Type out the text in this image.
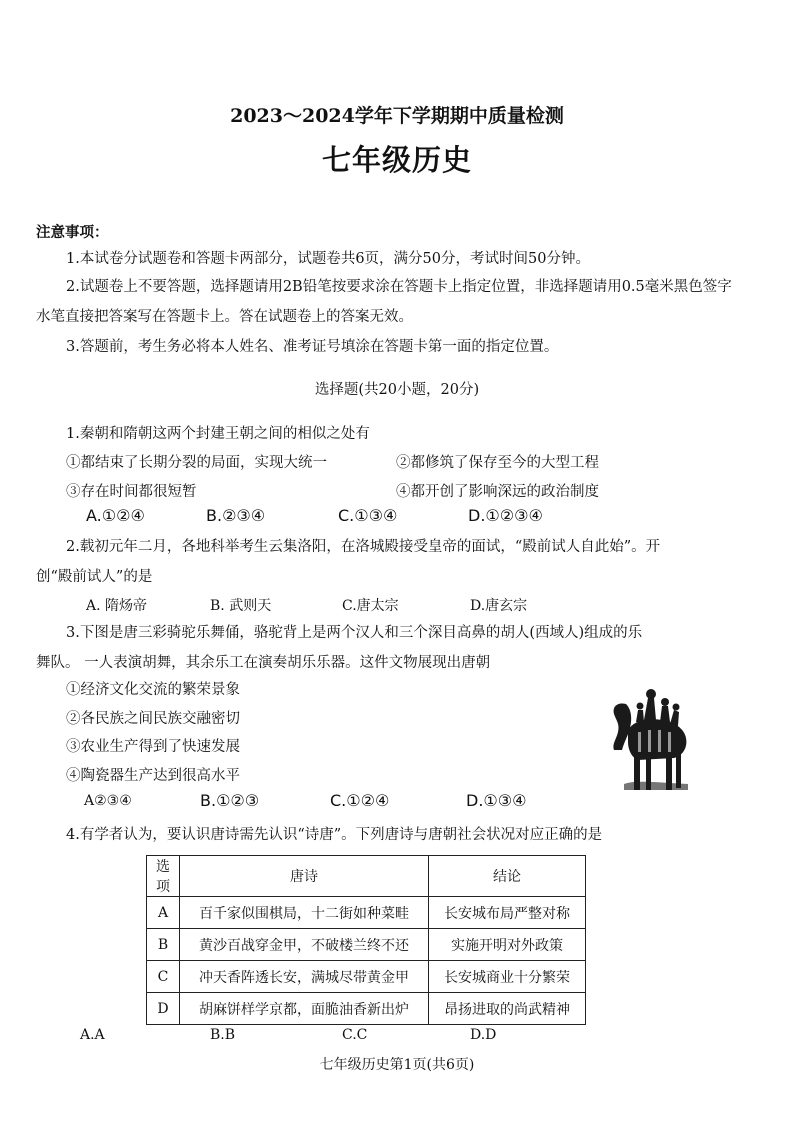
2023～2024学年下学期期中质量检测
七年级历史
注意事项：
1.本试卷分试题卷和答题卡两部分，试题卷共6页，满分50分，考试时间50分钟。
2.试题卷上不要答题，选择题请用2B铅笔按要求涂在答题卡上指定位置，非选择题请用0.5毫米黑色签字水笔直接把答案写在答题卡上。答在试题卷上的答案无效。
3.答题前，考生务必将本人姓名、准考证号填涂在答题卡第一面的指定位置。
选择题(共20小题，20分)
1.秦朝和隋朝这两个封建王朝之间的相似之处有
①都结束了长期分裂的局面，实现大统一	②都修筑了保存至今的大型工程
③存在时间都很短暂	④都开创了影响深远的政治制度
A.①②④	B.②③④	C.①③④	D.①②③④
2.载初元年二月，各地科举考生云集洛阳，在洛城殿接受皇帝的面试，“殿前试人自此始”。开
创“殿前试人”的是
A. 隋炀帝	B. 武则天	C.唐太宗	D.唐玄宗
3.下图是唐三彩骑驼乐舞俑，骆驼背上是两个汉人和三个深目高鼻的胡人(西域人)组成的乐
舞队。 一人表演胡舞，其余乐工在演奏胡乐乐器。这件文物展现出唐朝
①经济文化交流的繁荣景象
②各民族之间民族交融密切
③农业生产得到了快速发展
④陶瓷器生产达到很高水平
A②③④	B.①②③	C.①②④	D.①③④
4.有学者认为，要认识唐诗需先认识“诗唐”。下列唐诗与唐朝社会状况对应正确的是
选项	唐诗	结论
A	百千家似围棋局，十二街如种菜畦	长安城布局严整对称
B	黄沙百战穿金甲，不破楼兰终不还	实施开明对外政策
C	冲天香阵透长安，满城尽带黄金甲	长安城商业十分繁荣
D	胡麻饼样学京都，面脆油香新出炉	昂扬进取的尚武精神
A.A	B.B	C.C	D.D
七年级历史第1页(共6页)
